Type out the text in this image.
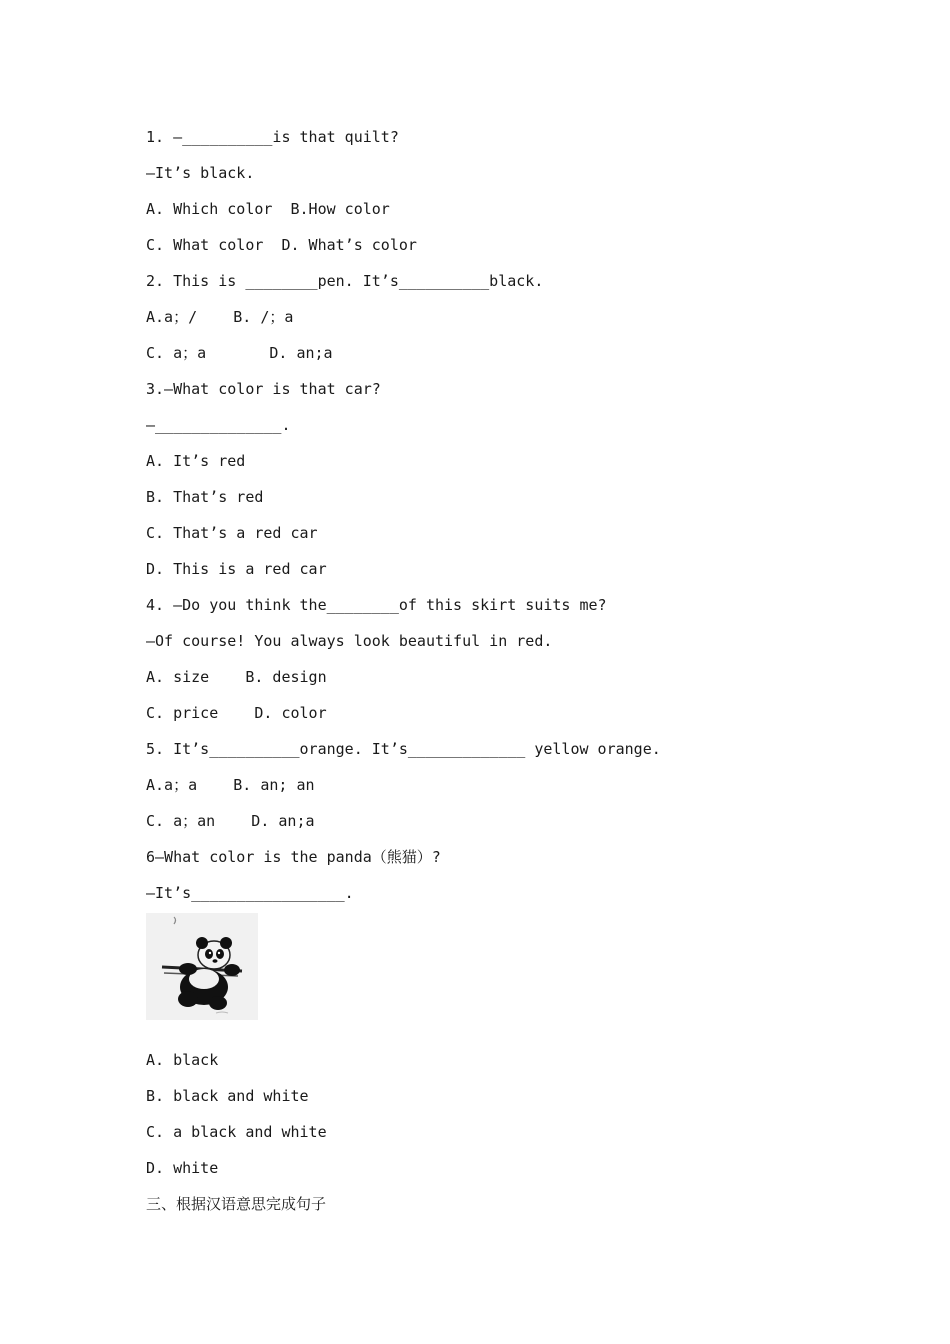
1. —__________is that quilt?
—It’s black.
A. Which color  B.How color
C. What color  D. What’s color
2. This is ________pen. It’s__________black.
A.a；/    B. /；a
C. a；a       D. an;a
3.—What color is that car?
—______________.
A. It’s red
B. That’s red
C. That’s a red car
D. This is a red car
4. —Do you think the________of this skirt suits me?
—Of course! You always look beautiful in red.
A. size    B. design
C. price    D. color
5. It’s__________orange. It’s_____________ yellow orange.
A.a；a    B. an; an
C. a；an    D. an;a
6—What color is the panda（熊猫）?
—It’s_________________.
A. black
B. black and white
C. a black and white
D. white
三、根据汉语意思完成句子
